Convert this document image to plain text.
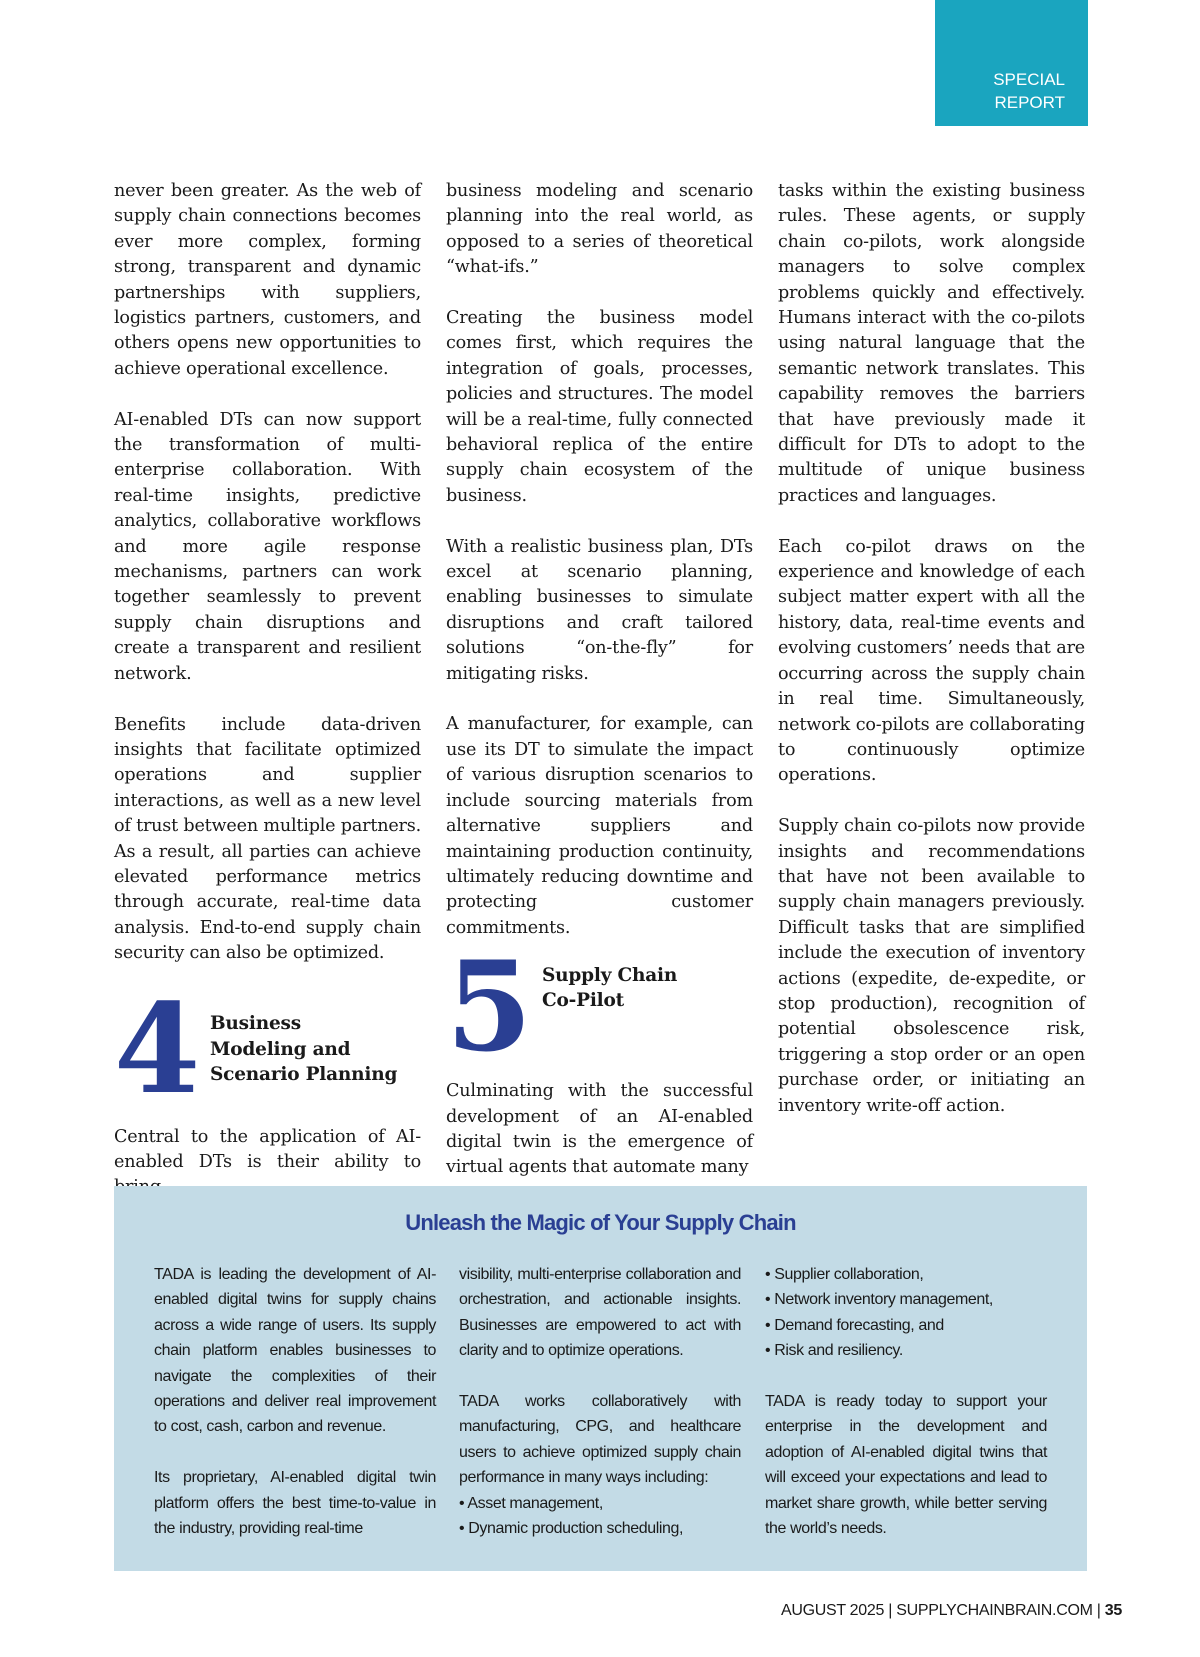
SPECIAL
REPORT

never been greater. As the web of supply chain connections becomes ever more complex, forming strong, transparent and dynamic partnerships with suppliers, logistics partners, customers, and others opens new opportunities to achieve operational excellence.

AI-enabled DTs can now support the transformation of multi-enterprise collaboration. With real-time insights, predictive analytics, collaborative workflows and more agile response mechanisms, partners can work together seamlessly to prevent supply chain disruptions and create a transparent and resilient network.

Benefits include data-driven insights that facilitate optimized operations and supplier interactions, as well as a new level of trust between multiple partners. As a result, all parties can achieve elevated performance metrics through accurate, real-time data analysis. End-to-end supply chain security can also be optimized.

4 Business Modeling and Scenario Planning

Central to the application of AI-enabled DTs is their ability to

business modeling and scenario planning into the real world, as opposed to a series of theoretical “what-ifs.”

Creating the business model comes first, which requires the integration of goals, processes, policies and structures. The model will be a real-time, fully connected behavioral replica of the entire supply chain ecosystem of the business.

With a realistic business plan, DTs excel at scenario planning, enabling businesses to simulate disruptions and craft tailored solutions “on-the-fly” for mitigating risks.

A manufacturer, for example, can use its DT to simulate the impact of various disruption scenarios to include sourcing materials from alternative suppliers and maintaining production continuity, ultimately reducing downtime and protecting customer commitments.

5 Supply Chain Co-Pilot

Culminating with the successful development of an AI-enabled digital twin is the emergence of virtual agents that automate many

tasks within the existing business rules. These agents, or supply chain co-pilots, work alongside managers to solve complex problems quickly and effectively. Humans interact with the co-pilots using natural language that the semantic network translates. This capability removes the barriers that have previously made it difficult for DTs to adopt to the multitude of unique business practices and languages.

Each co-pilot draws on the experience and knowledge of each subject matter expert with all the history, data, real-time events and evolving customers’ needs that are occurring across the supply chain in real time. Simultaneously, network co-pilots are collaborating to continuously optimize operations.

Supply chain co-pilots now provide insights and recommendations that have not been available to supply chain managers previously. Difficult tasks that are simplified include the execution of inventory actions (expedite, de-expedite, or stop production), recognition of potential obsolescence risk, triggering a stop order or an open purchase order, or initiating an inventory write-off action.

Unleash the Magic of Your Supply Chain

TADA is leading the development of AI-enabled digital twins for supply chains across a wide range of users. Its supply chain platform enables businesses to navigate the complexities of their operations and deliver real improvement to cost, cash, carbon and revenue.

Its proprietary, AI-enabled digital twin platform offers the best time-to-value in the industry, providing real-time

visibility, multi-enterprise collaboration and orchestration, and actionable insights. Businesses are empowered to act with clarity and to optimize operations.

TADA works collaboratively with manufacturing, CPG, and healthcare users to achieve optimized supply chain performance in many ways including:

• Asset management,
• Dynamic production scheduling,
• Supplier collaboration,
• Network inventory management,
• Demand forecasting, and
• Risk and resiliency.

TADA is ready today to support your enterprise in the development and adoption of AI-enabled digital twins that will exceed your expectations and lead to market share growth, while better serving the world’s needs.

AUGUST 2025 | SUPPLYCHAINBRAIN.COM | 35
